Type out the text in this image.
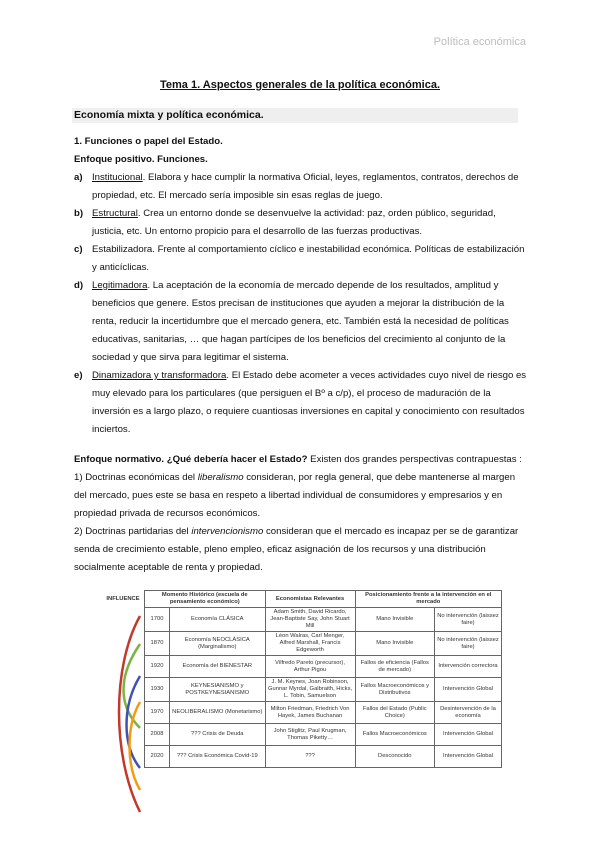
Política económica
Tema 1. Aspectos generales de la política económica.
Economía mixta y política económica.
1. Funciones o papel del Estado.
Enfoque positivo. Funciones.
a) Institucional. Elabora y hace cumplir la normativa Oficial, leyes, reglamentos, contratos, derechos de propiedad, etc. El mercado sería imposible sin esas reglas de juego.
b) Estructural. Crea un entorno donde se desenvuelve la actividad: paz, orden público, seguridad, justicia, etc. Un entorno propicio para el desarrollo de las fuerzas productivas.
c) Estabilizadora. Frente al comportamiento cíclico e inestabilidad económica. Políticas de estabilización y anticíclicas.
d) Legitimadora. La aceptación de la economía de mercado depende de los resultados, amplitud y beneficios que genere. Estos precisan de instituciones que ayuden a mejorar la distribución de la renta, reducir la incertidumbre que el mercado genera, etc. También está la necesidad de políticas educativas, sanitarias, … que hagan partícipes de los beneficios del crecimiento al conjunto de la sociedad y que sirva para legitimar el sistema.
e) Dinamizadora y transformadora. El Estado debe acometer a veces actividades cuyo nivel de riesgo es muy elevado para los particulares (que persiguen el Bº a c/p), el proceso de maduración de la inversión es a largo plazo, o requiere cuantiosas inversiones en capital y conocimiento con resultados inciertos.
Enfoque normativo. ¿Qué debería hacer el Estado? Existen dos grandes perspectivas contrapuestas :
1) Doctrinas económicas del liberalismo consideran, por regla general, que debe mantenerse al margen del mercado, pues este se basa en respeto a libertad individual de consumidores y empresarios y en propiedad privada de recursos económicos.
2) Doctrinas partidarias del intervencionismo consideran que el mercado es incapaz per se de garantizar senda de crecimiento estable, pleno empleo, eficaz asignación de los recursos y una distribución socialmente aceptable de renta y propiedad.
INFLUENCE	Momento Histórico (escuela de pensamiento económico)		Economistas Relevantes	Posicionamiento frente a la intervención en el mercado	
	1700	Economía CLÁSICA	Adam Smith, David Ricardo, Jean-Baptiste Say, John Stuart Mill	Mano Invisible	No intervención (laissez faire)
	1870	Economía NEOCLÁSICA (Marginalismo)	Léon Walras, Carl Menger, Alfred Marshall, Francis Edgeworth	Mano Invisible	No intervención (laissez faire)
	1920	Economía del BIENESTAR	Vilfredo Pareto (precursor), Arthur Pigou	Fallos de eficiencia (Fallos de mercado)	Intervención correctora
	1930	KEYNESIANISMO y POSTKEYNESIANISMO	J. M. Keynes, Joan Robinson, Gunnar Myrdal, Galbraith, Hicks, L. Tobin, Samuelson	Fallos Macroeconómicos y Distributivos	Intervención Global
	1970	NEOLIBERALISMO (Monetarismo)	Milton Friedman, Friedrich Von Hayek, James Buchanan	Fallos del Estado (Public Choice)	Desintervención de la economía
	2008	??? Crisis de Deuda	John Stiglitz, Paul Krugman, Thomas Piketty…	Fallos Macroeconómicos	Intervención Global
	2020	??? Crisis Económica Covid-19	???	Desconocido	Intervención Global
